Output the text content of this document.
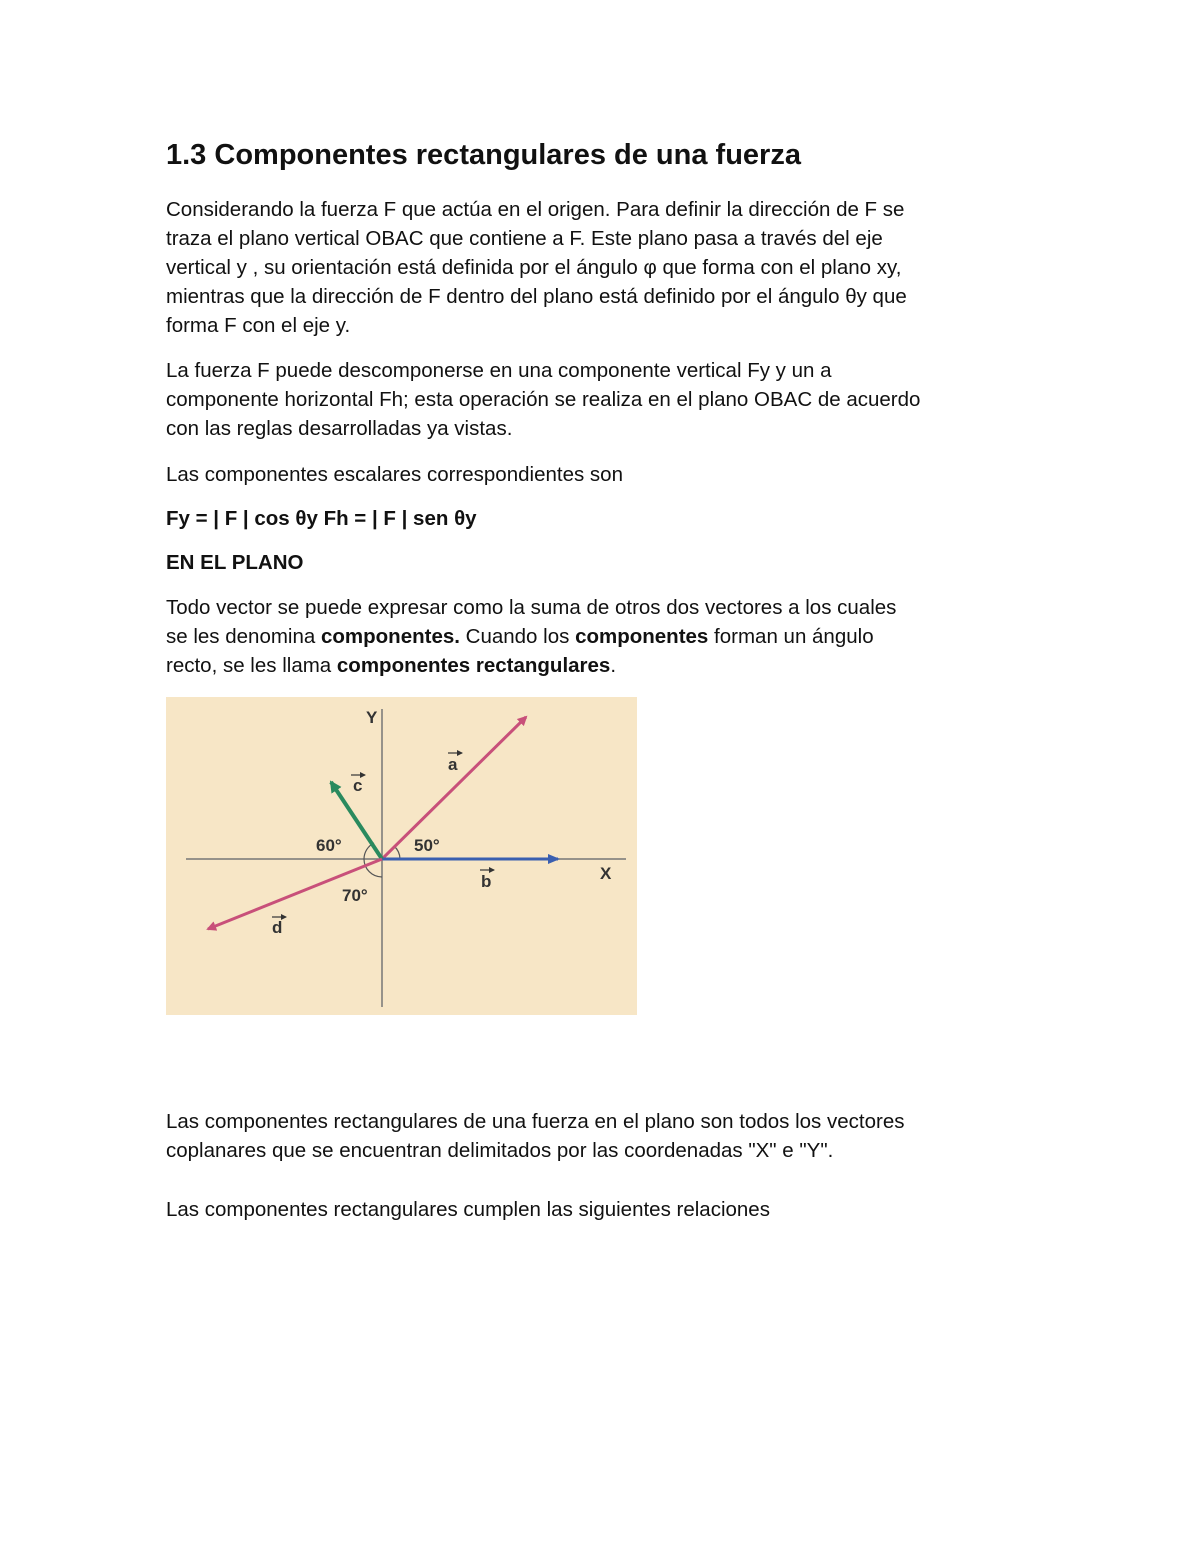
1.3 Componentes rectangulares de una fuerza

Considerando la fuerza F que actúa en el origen. Para definir la dirección de F se
traza el plano vertical OBAC que contiene a F. Este plano pasa a través del eje
vertical y , su orientación está definida por el ángulo φ que forma con el plano xy,
mientras que la dirección de F dentro del plano está definido por el ángulo θy que
forma F con el eje y.

La fuerza F puede descomponerse en una componente vertical Fy y un a
componente horizontal Fh; esta operación se realiza en el plano OBAC de acuerdo
con las reglas desarrolladas ya vistas.

Las componentes escalares correspondientes son

Fy = | F | cos θy Fh = | F | sen θy

EN EL PLANO

Todo vector se puede expresar como la suma de otros dos vectores a los cuales
se les denomina componentes. Cuando los componentes forman un ángulo
recto, se les llama componentes rectangulares.

Y
X
a
c
b
d
60°	50°
70°

Las componentes rectangulares de una fuerza en el plano son todos los vectores
coplanares que se encuentran delimitados por las coordenadas "X" e "Y".

Las componentes rectangulares cumplen las siguientes relaciones
